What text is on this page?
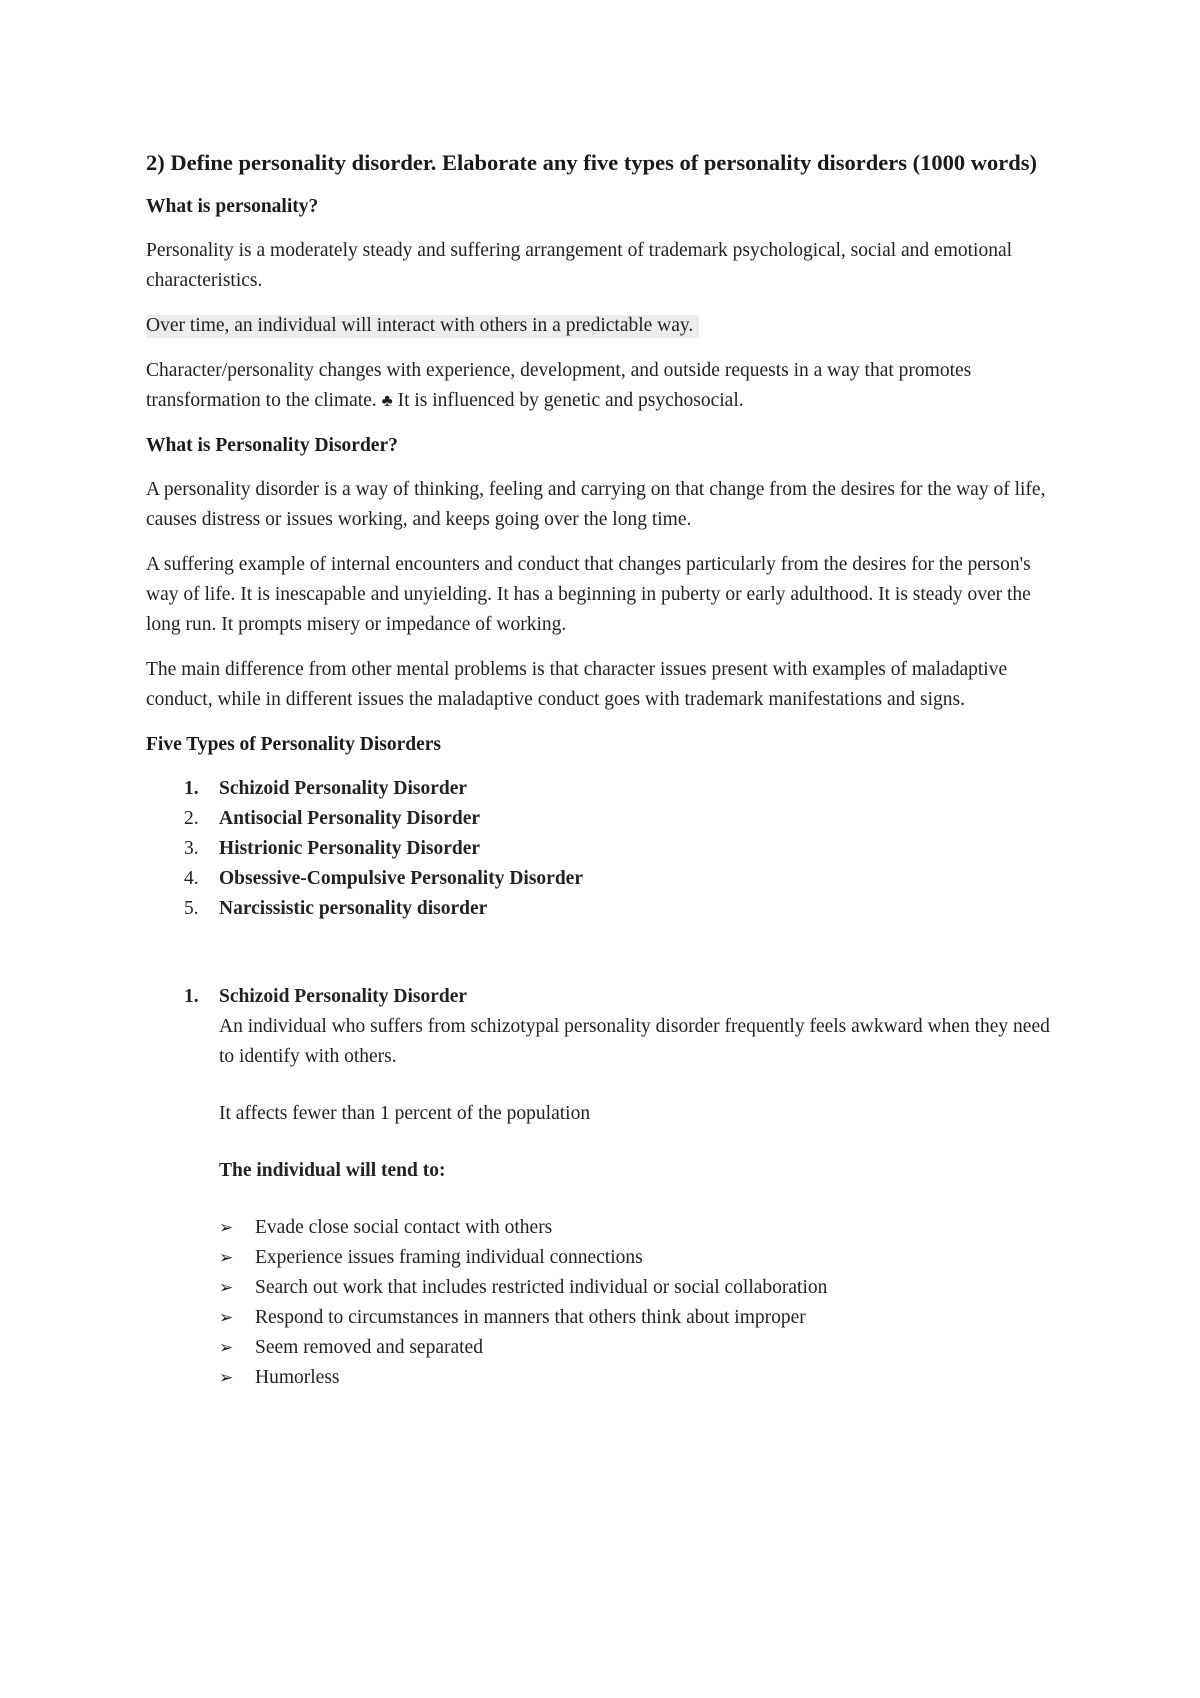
2) Define personality disorder. Elaborate any five types of personality disorders (1000 words)
What is personality?
Personality is a moderately steady and suffering arrangement of trademark psychological, social and emotional characteristics.
Over time, an individual will interact with others in a predictable way.
Character/personality changes with experience, development, and outside requests in a way that promotes transformation to the climate. ♣ It is influenced by genetic and psychosocial.
What is Personality Disorder?
A personality disorder is a way of thinking, feeling and carrying on that change from the desires for the way of life, causes distress or issues working, and keeps going over the long time.
A suffering example of internal encounters and conduct that changes particularly from the desires for the person's way of life. It is inescapable and unyielding. It has a beginning in puberty or early adulthood. It is steady over the long run. It prompts misery or impedance of working.
The main difference from other mental problems is that character issues present with examples of maladaptive conduct, while in different issues the maladaptive conduct goes with trademark manifestations and signs.
Five Types of Personality Disorders
1. Schizoid Personality Disorder
2. Antisocial Personality Disorder
3. Histrionic Personality Disorder
4. Obsessive-Compulsive Personality Disorder
5. Narcissistic personality disorder
1. Schizoid Personality Disorder
An individual who suffers from schizotypal personality disorder frequently feels awkward when they need to identify with others.
It affects fewer than 1 percent of the population
The individual will tend to:
➢ Evade close social contact with others
➢ Experience issues framing individual connections
➢ Search out work that includes restricted individual or social collaboration
➢ Respond to circumstances in manners that others think about improper
➢ Seem removed and separated
➢ Humorless
